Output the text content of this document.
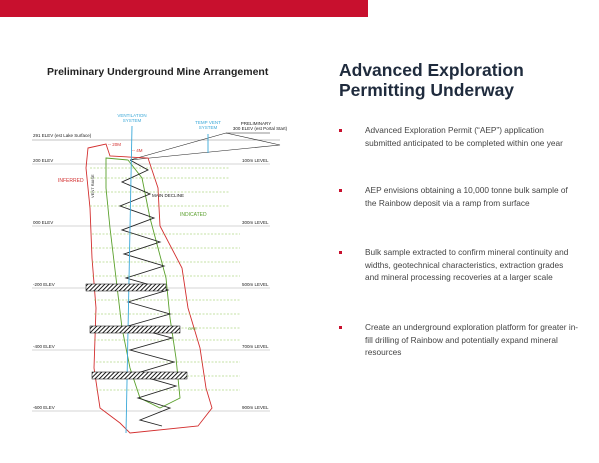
Preliminary Underground Mine Arrangement
VENTILATION SYSTEM	TEMP VENT SYSTEM
PRELIMINARY
300 ELEV (est Portal Start)
291 ELEV (est Lake Surface)
200 ELEV	100m LEVEL
000 ELEV	300m LEVEL
-200 ELEV	500m LEVEL
-400 ELEV	700m LEVEL
-600 ELEV	900m LEVEL
-- 20M
-- 4M
INFERRED
MAIN DECLINE
INDICATED
ORE
VENT RAISE
Advanced Exploration
Permitting Underway
Advanced Exploration Permit (“AEP”) application submitted anticipated to be completed within one year
AEP envisions obtaining a 10,000 tonne bulk sample of the Rainbow deposit via a ramp from surface
Bulk sample extracted to confirm mineral continuity and widths, geotechnical characteristics, extraction grades and mineral processing recoveries at a larger scale
Create an underground exploration platform for greater in-fill drilling of Rainbow and potentially expand mineral resources
